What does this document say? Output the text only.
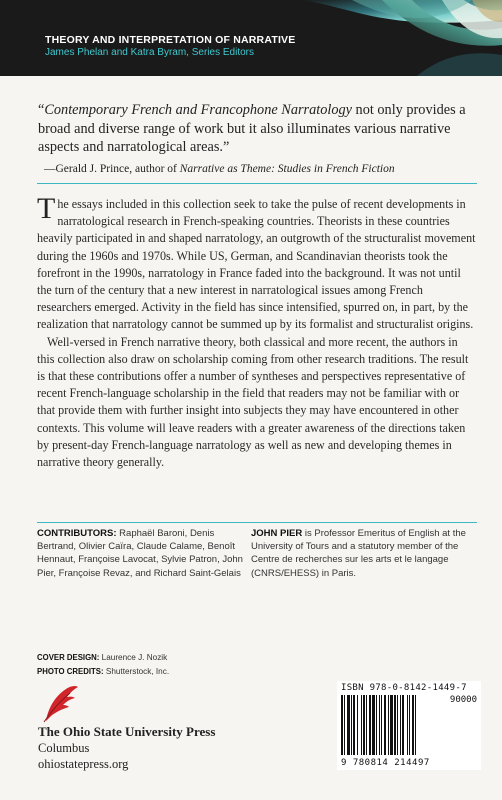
THEORY AND INTERPRETATION OF NARRATIVE
James Phelan and Katra Byram, Series Editors
“Contemporary French and Francophone Narratology not only provides a broad and diverse range of work but it also illuminates various narrative aspects and narratological areas.”
—Gerald J. Prince, author of Narrative as Theme: Studies in French Fiction

The essays included in this collection seek to take the pulse of recent developments in narratological research in French-speaking countries. Theorists in these countries heavily participated in and shaped narratology, an outgrowth of the structuralist movement during the 1960s and 1970s. While US, German, and Scandinavian theorists took the forefront in the 1990s, narratology in France faded into the background. It was not until the turn of the century that a new interest in narratological issues among French researchers emerged. Activity in the field has since intensified, spurred on, in part, by the realization that narratology cannot be summed up by its formalist and structuralist origins.

Well-versed in French narrative theory, both classical and more recent, the authors in this collection also draw on scholarship coming from other research traditions. The result is that these contributions offer a number of syntheses and perspectives representative of recent French-language scholarship in the field that readers may not be familiar with or that provide them with further insight into subjects they may have encountered in other contexts. This volume will leave readers with a greater awareness of the directions taken by present-day French-language narratology as well as new and developing themes in narrative theory generally.

CONTRIBUTORS: Raphaël Baroni, Denis Bertrand, Olivier Caïra, Claude Calame, Benoît Hennaut, Françoise Lavocat, Sylvie Patron, John Pier, Françoise Revaz, and Richard Saint-Gelais
JOHN PIER is Professor Emeritus of English at the University of Tours and a statutory member of the Centre de recherches sur les arts et le langage (CNRS/EHESS) in Paris.
COVER DESIGN: Laurence J. Nozik
PHOTO CREDITS: Shutterstock, Inc.
The Ohio State University Press
Columbus
ohiostatepress.org
ISBN 978-0-8142-1449-7
90000
9 780814 214497
